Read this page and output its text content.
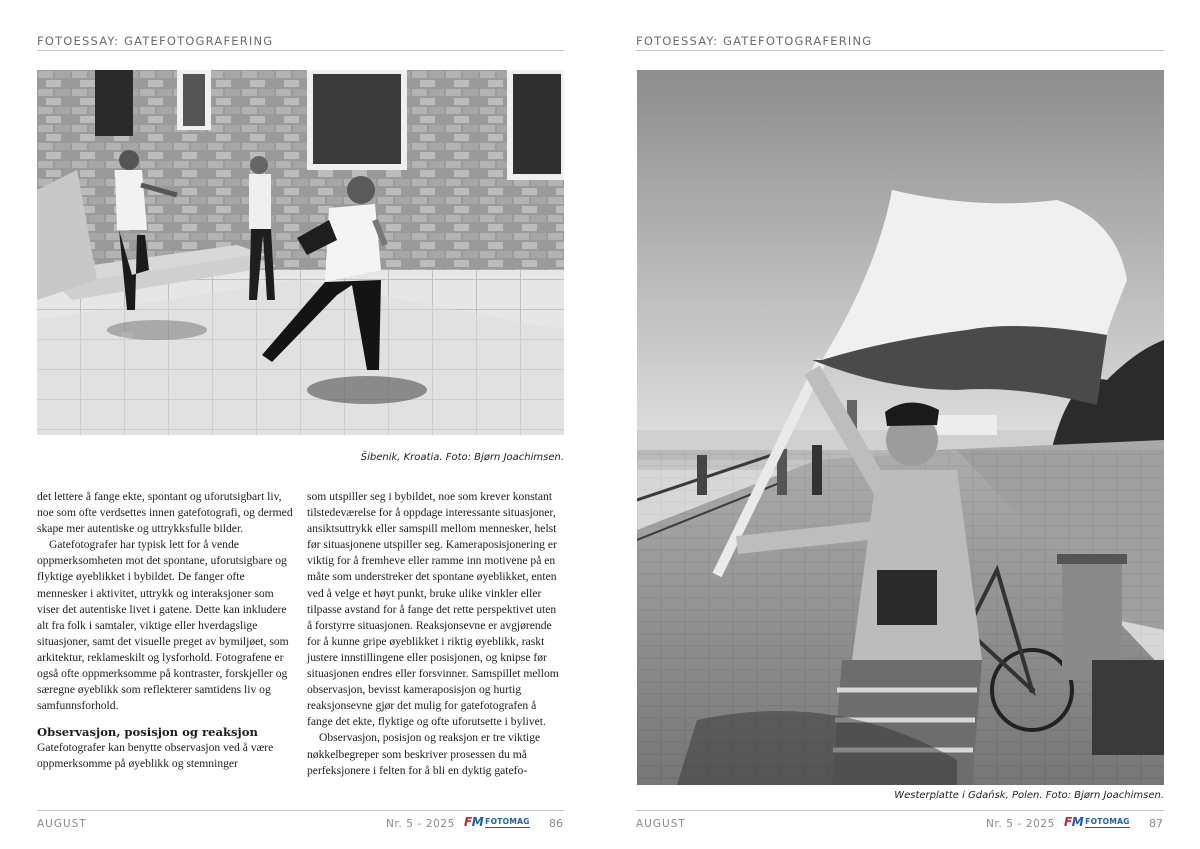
FOTOESSAY: GATEFOTOGRAFERING
Šibenik, Kroatia. Foto: Bjørn Joachimsen.

det lettere å fange ekte, spontant og uforutsigbart liv, noe som ofte verdsettes innen gatefotografi, og dermed skape mer autentiske og uttrykksfulle bilder.

Gatefotografer har typisk lett for å vende oppmerksomheten mot det spontane, uforutsigbare og flyktige øyeblikket i bybildet. De fanger ofte mennesker i aktivitet, uttrykk og interaksjoner som viser det autentiske livet i gatene. Dette kan inkludere alt fra folk i samtaler, viktige eller hverdagslige situasjoner, samt det visuelle preget av bymiljøet, som arkitektur, reklameskilt og lysforhold. Fotografene er også ofte oppmerksomme på kontraster, forskjeller og særegne øyeblikk som reflekterer samtidens liv og samfunnsforhold.

Observasjon, posisjon og reaksjon

Gatefotografer kan benytte observasjon ved å være oppmerksomme på øyeblikk og stemninger

som utspiller seg i bybildet, noe som krever konstant tilstedeværelse for å oppdage interessante situasjoner, ansiktsuttrykk eller samspill mellom mennesker, helst før situasjonene utspiller seg. Kameraposisjonering er viktig for å fremheve eller ramme inn motivene på en måte som understreker det spontane øyeblikket, enten ved å velge et høyt punkt, bruke ulike vinkler eller tilpasse avstand for å fange det rette perspektivet uten å forstyrre situasjonen. Reaksjonsevne er avgjørende for å kunne gripe øyeblikket i riktig øyeblikk, raskt justere innstillingene eller posisjonen, og knipse før situasjonen endres eller forsvinner. Samspillet mellom observasjon, bevisst kameraposisjon og hurtig reaksjonsevne gjør det mulig for gatefotografen å fange det ekte, flyktige og ofte uforutsette i bylivet.

Observasjon, posisjon og reaksjon er tre viktige nøkkelbegreper som beskriver prosessen du må perfeksjonere i felten for å bli en dyktig gatefo-

AUGUST	Nr. 5 - 2025 FM FOTOMAG 86
FOTOESSAY: GATEFOTOGRAFERING
Westerplatte i Gdańsk, Polen. Foto: Bjørn Joachimsen.
AUGUST	Nr. 5 - 2025 FM FOTOMAG 87
